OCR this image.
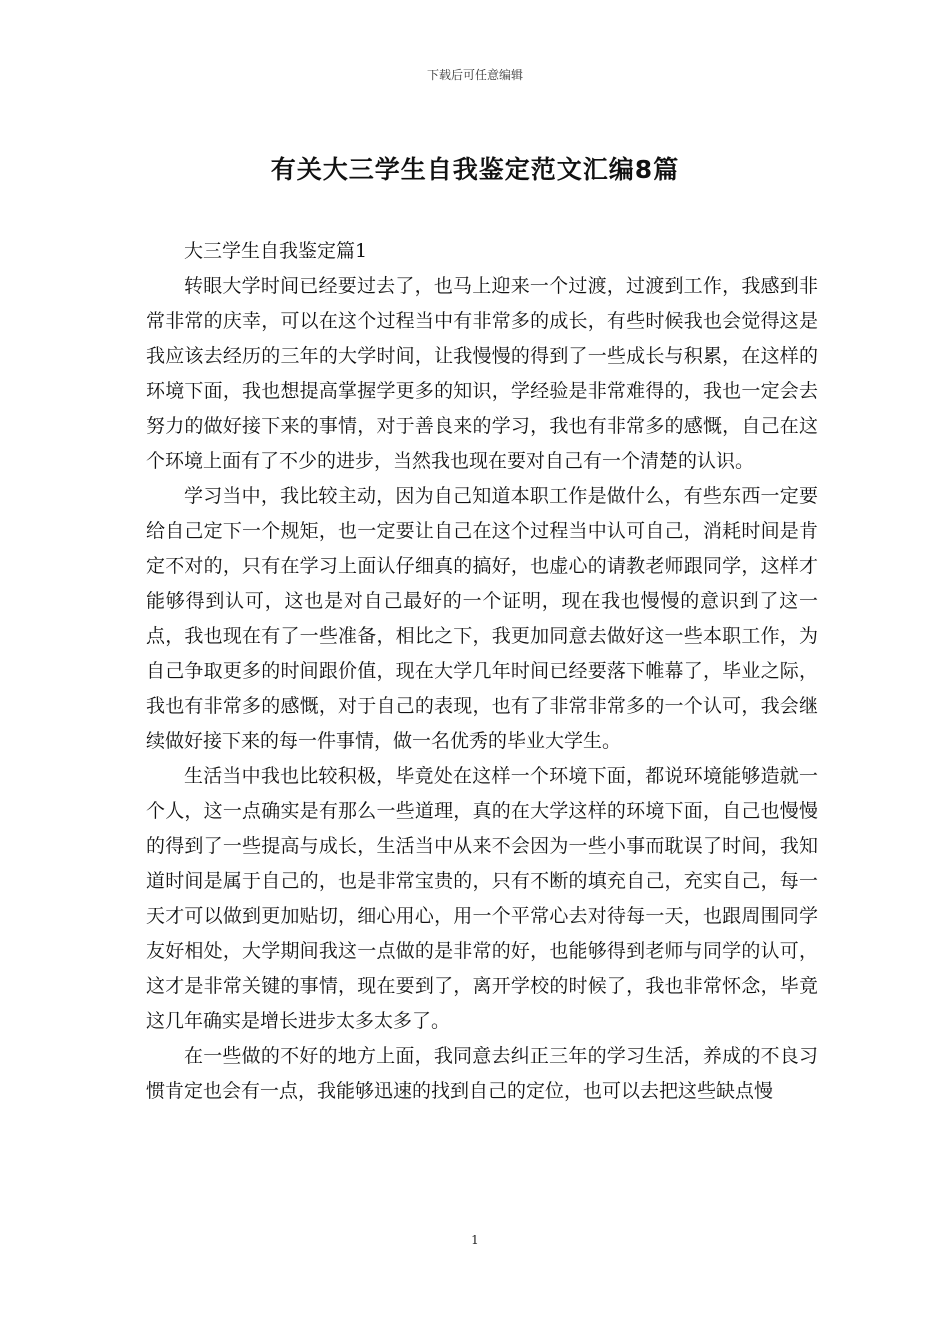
下载后可任意编辑
有关大三学生自我鉴定范文汇编8篇

大三学生自我鉴定篇1

转眼大学时间已经要过去了，也马上迎来一个过渡，过渡到工作，我感到非常非常的庆幸，可以在这个过程当中有非常多的成长，有些时候我也会觉得这是我应该去经历的三年的大学时间，让我慢慢的得到了一些成长与积累，在这样的环境下面，我也想提高掌握学更多的知识，学经验是非常难得的，我也一定会去努力的做好接下来的事情，对于善良来的学习，我也有非常多的感慨，自己在这个环境上面有了不少的进步，当然我也现在要对自己有一个清楚的认识。

学习当中，我比较主动，因为自己知道本职工作是做什么，有些东西一定要给自己定下一个规矩，也一定要让自己在这个过程当中认可自己，消耗时间是肯定不对的，只有在学习上面认仔细真的搞好，也虚心的请教老师跟同学，这样才能够得到认可，这也是对自己最好的一个证明，现在我也慢慢的意识到了这一点，我也现在有了一些准备，相比之下，我更加同意去做好这一些本职工作，为自己争取更多的时间跟价值，现在大学几年时间已经要落下帷幕了，毕业之际，我也有非常多的感慨，对于自己的表现，也有了非常非常多的一个认可，我会继续做好接下来的每一件事情，做一名优秀的毕业大学生。

生活当中我也比较积极，毕竟处在这样一个环境下面，都说环境能够造就一个人，这一点确实是有那么一些道理，真的在大学这样的环境下面，自己也慢慢的得到了一些提高与成长，生活当中从来不会因为一些小事而耽误了时间，我知道时间是属于自己的，也是非常宝贵的，只有不断的填充自己，充实自己，每一天才可以做到更加贴切，细心用心，用一个平常心去对待每一天，也跟周围同学友好相处，大学期间我这一点做的是非常的好，也能够得到老师与同学的认可，这才是非常关键的事情，现在要到了，离开学校的时候了，我也非常怀念，毕竟这几年确实是增长进步太多太多了。

在一些做的不好的地方上面，我同意去纠正三年的学习生活，养成的不良习惯肯定也会有一点，我能够迅速的找到自己的定位，也可以去把这些缺点慢

1
